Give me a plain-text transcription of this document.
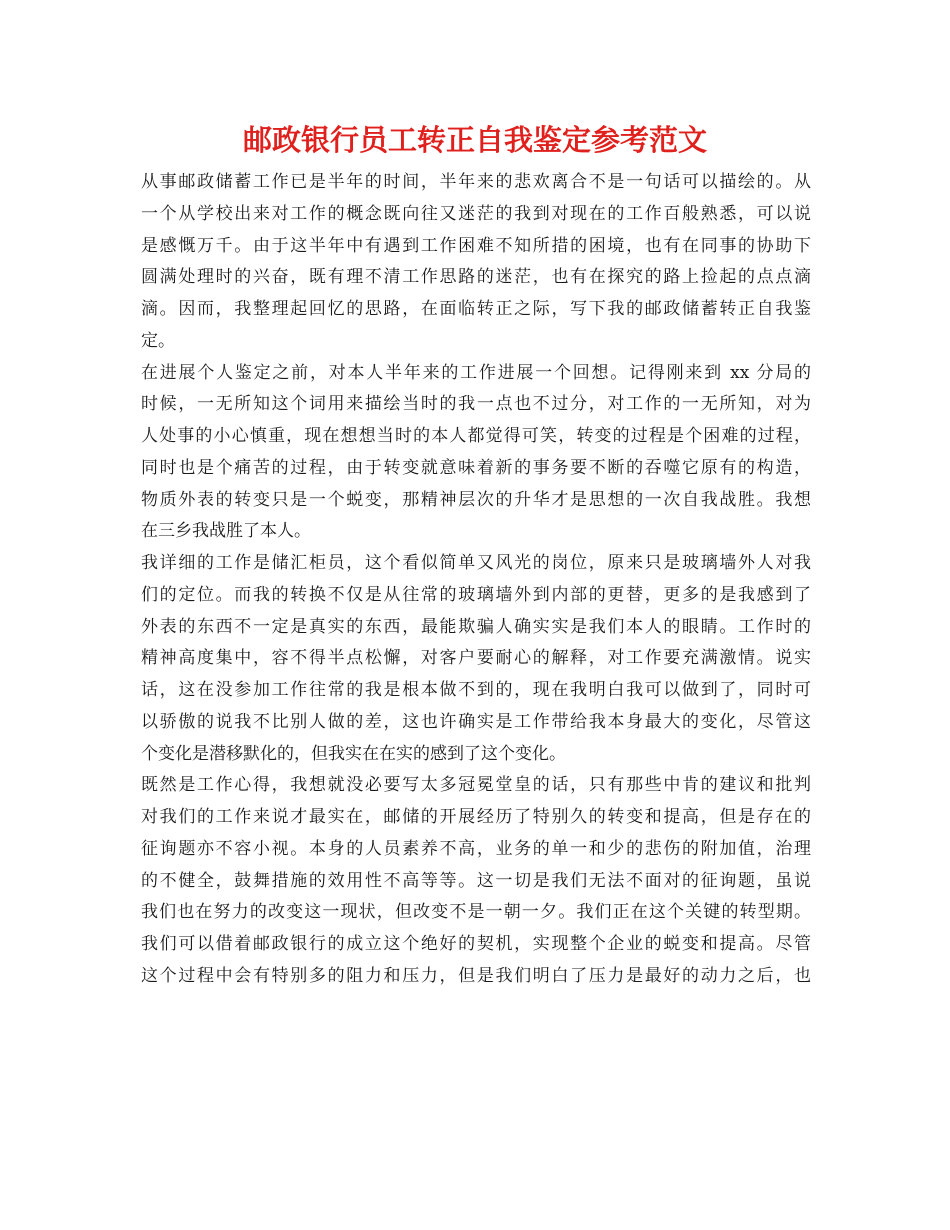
邮政银行员工转正自我鉴定参考范文
从事邮政储蓄工作已是半年的时间，半年来的悲欢离合不是一句话可以描绘的。从
一个从学校出来对工作的概念既向往又迷茫的我到对现在的工作百般熟悉，可以说
是感慨万千。由于这半年中有遇到工作困难不知所措的困境，也有在同事的协助下
圆满处理时的兴奋，既有理不清工作思路的迷茫，也有在探究的路上捡起的点点滴
滴。因而，我整理起回忆的思路，在面临转正之际，写下我的邮政储蓄转正自我鉴
定。
在进展个人鉴定之前，对本人半年来的工作进展一个回想。记得刚来到 xx 分局的
时候，一无所知这个词用来描绘当时的我一点也不过分，对工作的一无所知，对为
人处事的小心慎重，现在想想当时的本人都觉得可笑，转变的过程是个困难的过程，
同时也是个痛苦的过程，由于转变就意味着新的事务要不断的吞噬它原有的构造，
物质外表的转变只是一个蜕变，那精神层次的升华才是思想的一次自我战胜。我想
在三乡我战胜了本人。
我详细的工作是储汇柜员，这个看似简单又风光的岗位，原来只是玻璃墙外人对我
们的定位。而我的转换不仅是从往常的玻璃墙外到内部的更替，更多的是我感到了
外表的东西不一定是真实的东西，最能欺骗人确实实是我们本人的眼睛。工作时的
精神高度集中，容不得半点松懈，对客户要耐心的解释，对工作要充满激情。说实
话，这在没参加工作往常的我是根本做不到的，现在我明白我可以做到了，同时可
以骄傲的说我不比别人做的差，这也许确实是工作带给我本身最大的变化，尽管这
个变化是潜移默化的，但我实在在实的感到了这个变化。
既然是工作心得，我想就没必要写太多冠冕堂皇的话，只有那些中肯的建议和批判
对我们的工作来说才最实在，邮储的开展经历了特别久的转变和提高，但是存在的
征询题亦不容小视。本身的人员素养不高，业务的单一和少的悲伤的附加值，治理
的不健全，鼓舞措施的效用性不高等等。这一切是我们无法不面对的征询题，虽说
我们也在努力的改变这一现状，但改变不是一朝一夕。我们正在这个关键的转型期。
我们可以借着邮政银行的成立这个绝好的契机，实现整个企业的蜕变和提高。尽管
这个过程中会有特别多的阻力和压力，但是我们明白了压力是最好的动力之后，也
